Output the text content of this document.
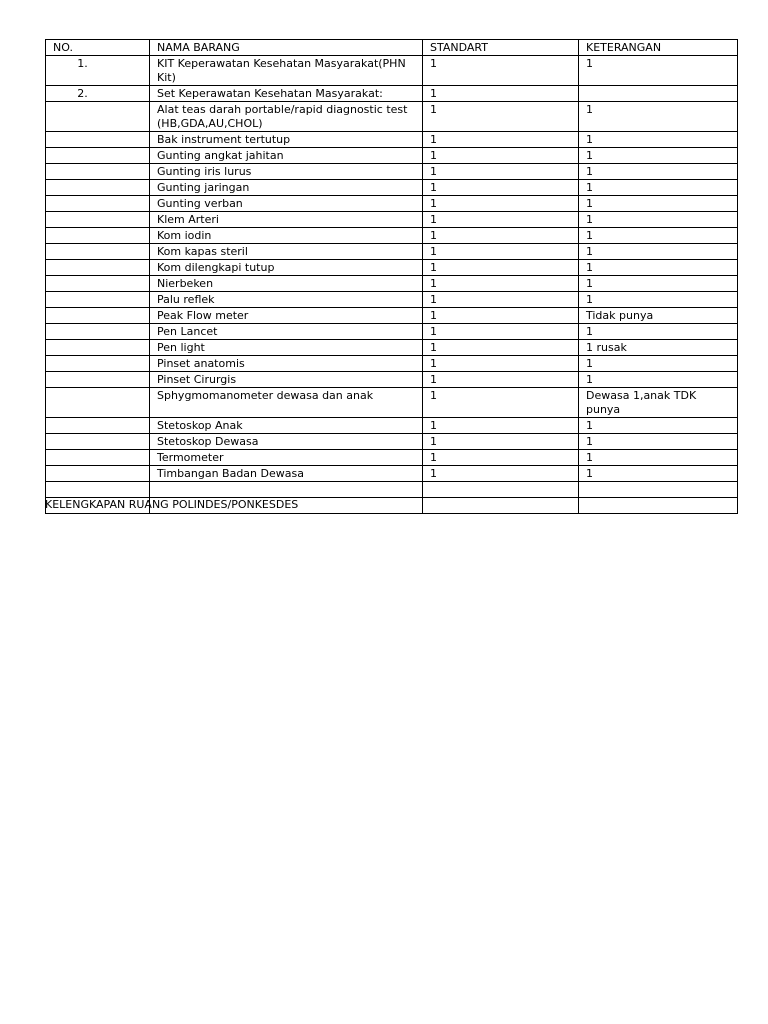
NO.	NAMA BARANG	STANDART	KETERANGAN
1.	KIT Keperawatan Kesehatan Masyarakat(PHN Kit)	1	1
2.	Set Keperawatan Kesehatan Masyarakat:	1	
	Alat teas darah portable/rapid diagnostic test (HB,GDA,AU,CHOL)	1	1
	Bak instrument tertutup	1	1
	Gunting angkat jahitan	1	1
	Gunting iris lurus	1	1
	Gunting jaringan	1	1
	Gunting verban	1	1
	Klem Arteri	1	1
	Kom iodin	1	1
	Kom kapas steril	1	1
	Kom dilengkapi tutup	1	1
	Nierbeken	1	1
	Palu reflek	1	1
	Peak Flow meter	1	Tidak punya
	Pen Lancet	1	1
	Pen light	1	1 rusak
	Pinset anatomis	1	1
	Pinset Cirurgis	1	1
	Sphygmomanometer dewasa dan anak	1	Dewasa 1,anak TDK punya
	Stetoskop Anak	1	1
	Stetoskop Dewasa	1	1
	Termometer	1	1
	Timbangan Badan Dewasa	1	1

KELENGKAPAN RUANG POLINDES/PONKESDES
